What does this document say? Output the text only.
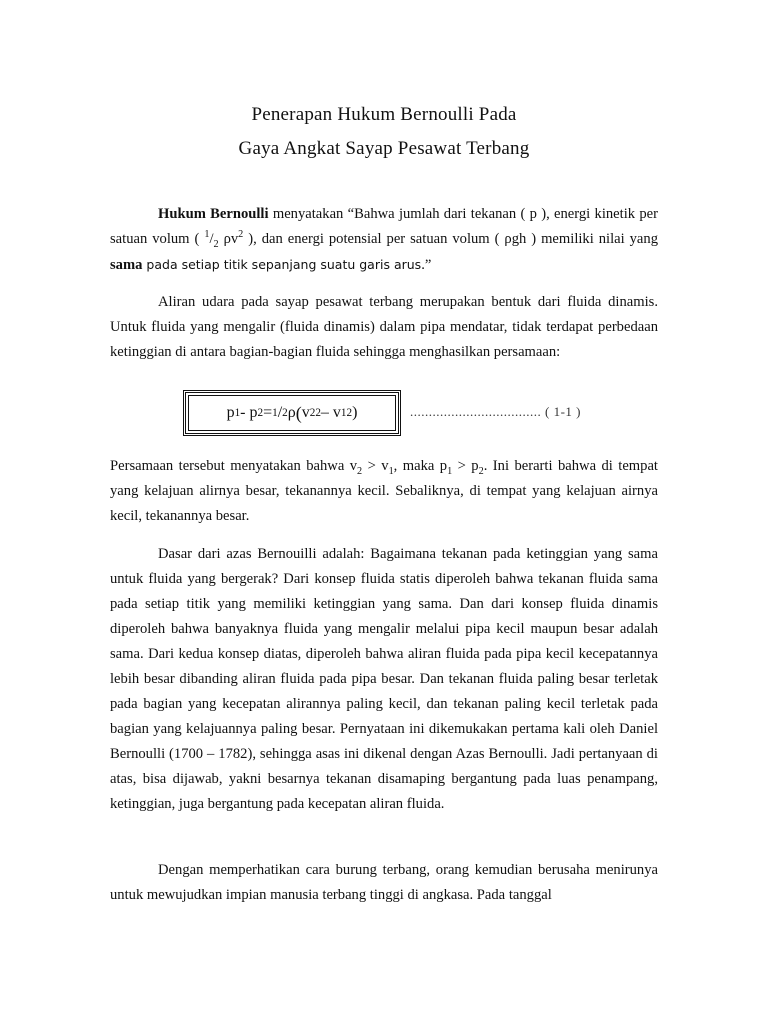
Penerapan Hukum Bernoulli Pada
Gaya Angkat Sayap Pesawat Terbang
Hukum Bernoulli menyatakan “Bahwa jumlah dari tekanan ( p ), energi kinetik per satuan volum ( $^1/_2$ $\rho v^2$ ), dan energi potensial per satuan volum ( ρgh ) memiliki nilai yang sama pada setiap titik sepanjang suatu garis arus.”
Aliran udara pada sayap pesawat terbang merupakan bentuk dari fluida dinamis. Untuk fluida yang mengalir (fluida dinamis) dalam pipa mendatar, tidak terdapat perbedaan ketinggian di antara bagian-bagian fluida sehingga menghasilkan persamaan:
p 1 - p 2 = 1 / 2 ρ ( v 2 2 – v 1 2 )	................................... ( 1-1 )
Persamaan tersebut menyatakan bahwa $v_2 > v_1$, maka $p_1 > p_2$. Ini berarti bahwa di tempat yang kelajuan alirnya besar, tekanannya kecil. Sebaliknya, di tempat yang kelajuan airnya kecil, tekanannya besar.
Dasar dari azas Bernouilli adalah: Bagaimana tekanan pada ketinggian yang sama untuk fluida yang bergerak? Dari konsep fluida statis diperoleh bahwa tekanan fluida sama pada setiap titik yang memiliki ketinggian yang sama. Dan dari konsep fluida dinamis diperoleh bahwa banyaknya fluida yang mengalir melalui pipa kecil maupun besar adalah sama. Dari kedua konsep diatas, diperoleh bahwa aliran fluida pada pipa kecil kecepatannya lebih besar dibanding aliran fluida pada pipa besar. Dan tekanan fluida paling besar terletak pada bagian yang kecepatan alirannya paling kecil, dan tekanan paling kecil terletak pada bagian yang kelajuannya paling besar. Pernyataan ini dikemukakan pertama kali oleh Daniel Bernoulli (1700 – 1782), sehingga asas ini dikenal dengan Azas Bernoulli. Jadi pertanyaan di atas, bisa dijawab, yakni besarnya tekanan disamaping bergantung pada luas penampang, ketinggian, juga bergantung pada kecepatan aliran fluida.
Dengan memperhatikan cara burung terbang, orang kemudian berusaha menirunya untuk mewujudkan impian manusia terbang tinggi di angkasa. Pada tanggal
